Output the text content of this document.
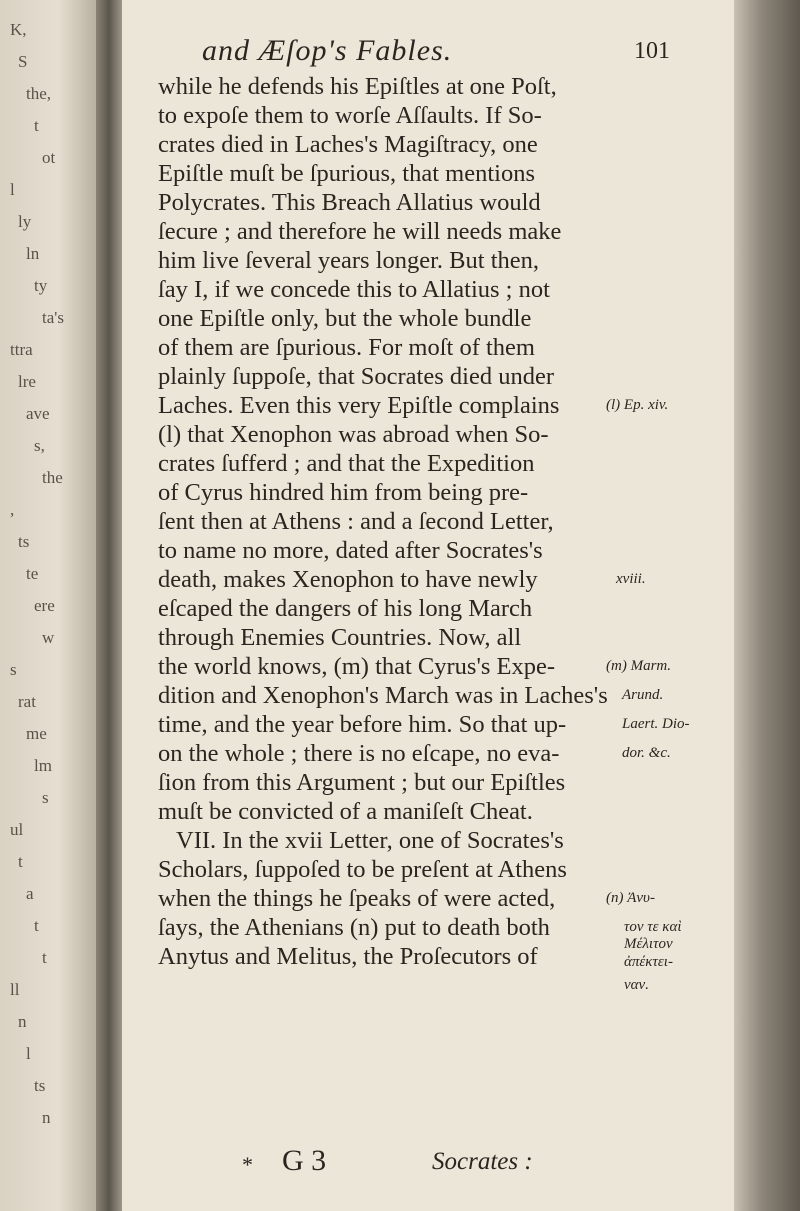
K,
S
the,
t
ot
l
ly
ln
ty
ta's
ttra
lre
ave
s,
the
,
ts
te
ere
w
s
rat
me
lm
s
ul
t
a
t
t
ll
n
l
ts
n
and Æſop's Fables.	101
while he defends his Epiſtles at one Poſt,
to expoſe them to worſe Aſſaults. If So-
crates died in Laches's Magiſtracy, one
Epiſtle muſt be ſpurious, that mentions
Polycrates. This Breach Allatius would
ſecure ; and therefore he will needs make
him live ſeveral years longer. But then,
ſay I, if we concede this to Allatius ; not
one Epiſtle only, but the whole bundle
of them are ſpurious. For moſt of them
plainly ſuppoſe, that Socrates died under
Laches. Even this very Epiſtle complains
(l) that Xenophon was abroad when So-
crates ſufferd ; and that the Expedition
of Cyrus hindred him from being pre-
ſent then at Athens : and a ſecond Letter,
to name no more, dated after Socrates's
death, makes Xenophon to have newly
eſcaped the dangers of his long March
through Enemies Countries. Now, all
the world knows, (m) that Cyrus's Expe-
dition and Xenophon's March was in Laches's
time, and the year before him. So that up-
on the whole ; there is no eſcape, no eva-
ſion from this Argument ; but our Epiſtles
muſt be convicted of a maniſeſt Cheat.
VII. In the xvii Letter, one of Socrates's
Scholars, ſuppoſed to be preſent at Athens
when the things he ſpeaks of were acted,
ſays, the Athenians (n) put to death both
Anytus and Melitus, the Proſecutors of
(l) Ep. xiv.
xviii.
(m) Marm.
Arund.
Laert. Dio-
dor. &c.
(n) Ἀνυ-
τον τε καὶ
Μέλιτον
ἀπέκτει-
ναν.
* G 3	Socrates :
